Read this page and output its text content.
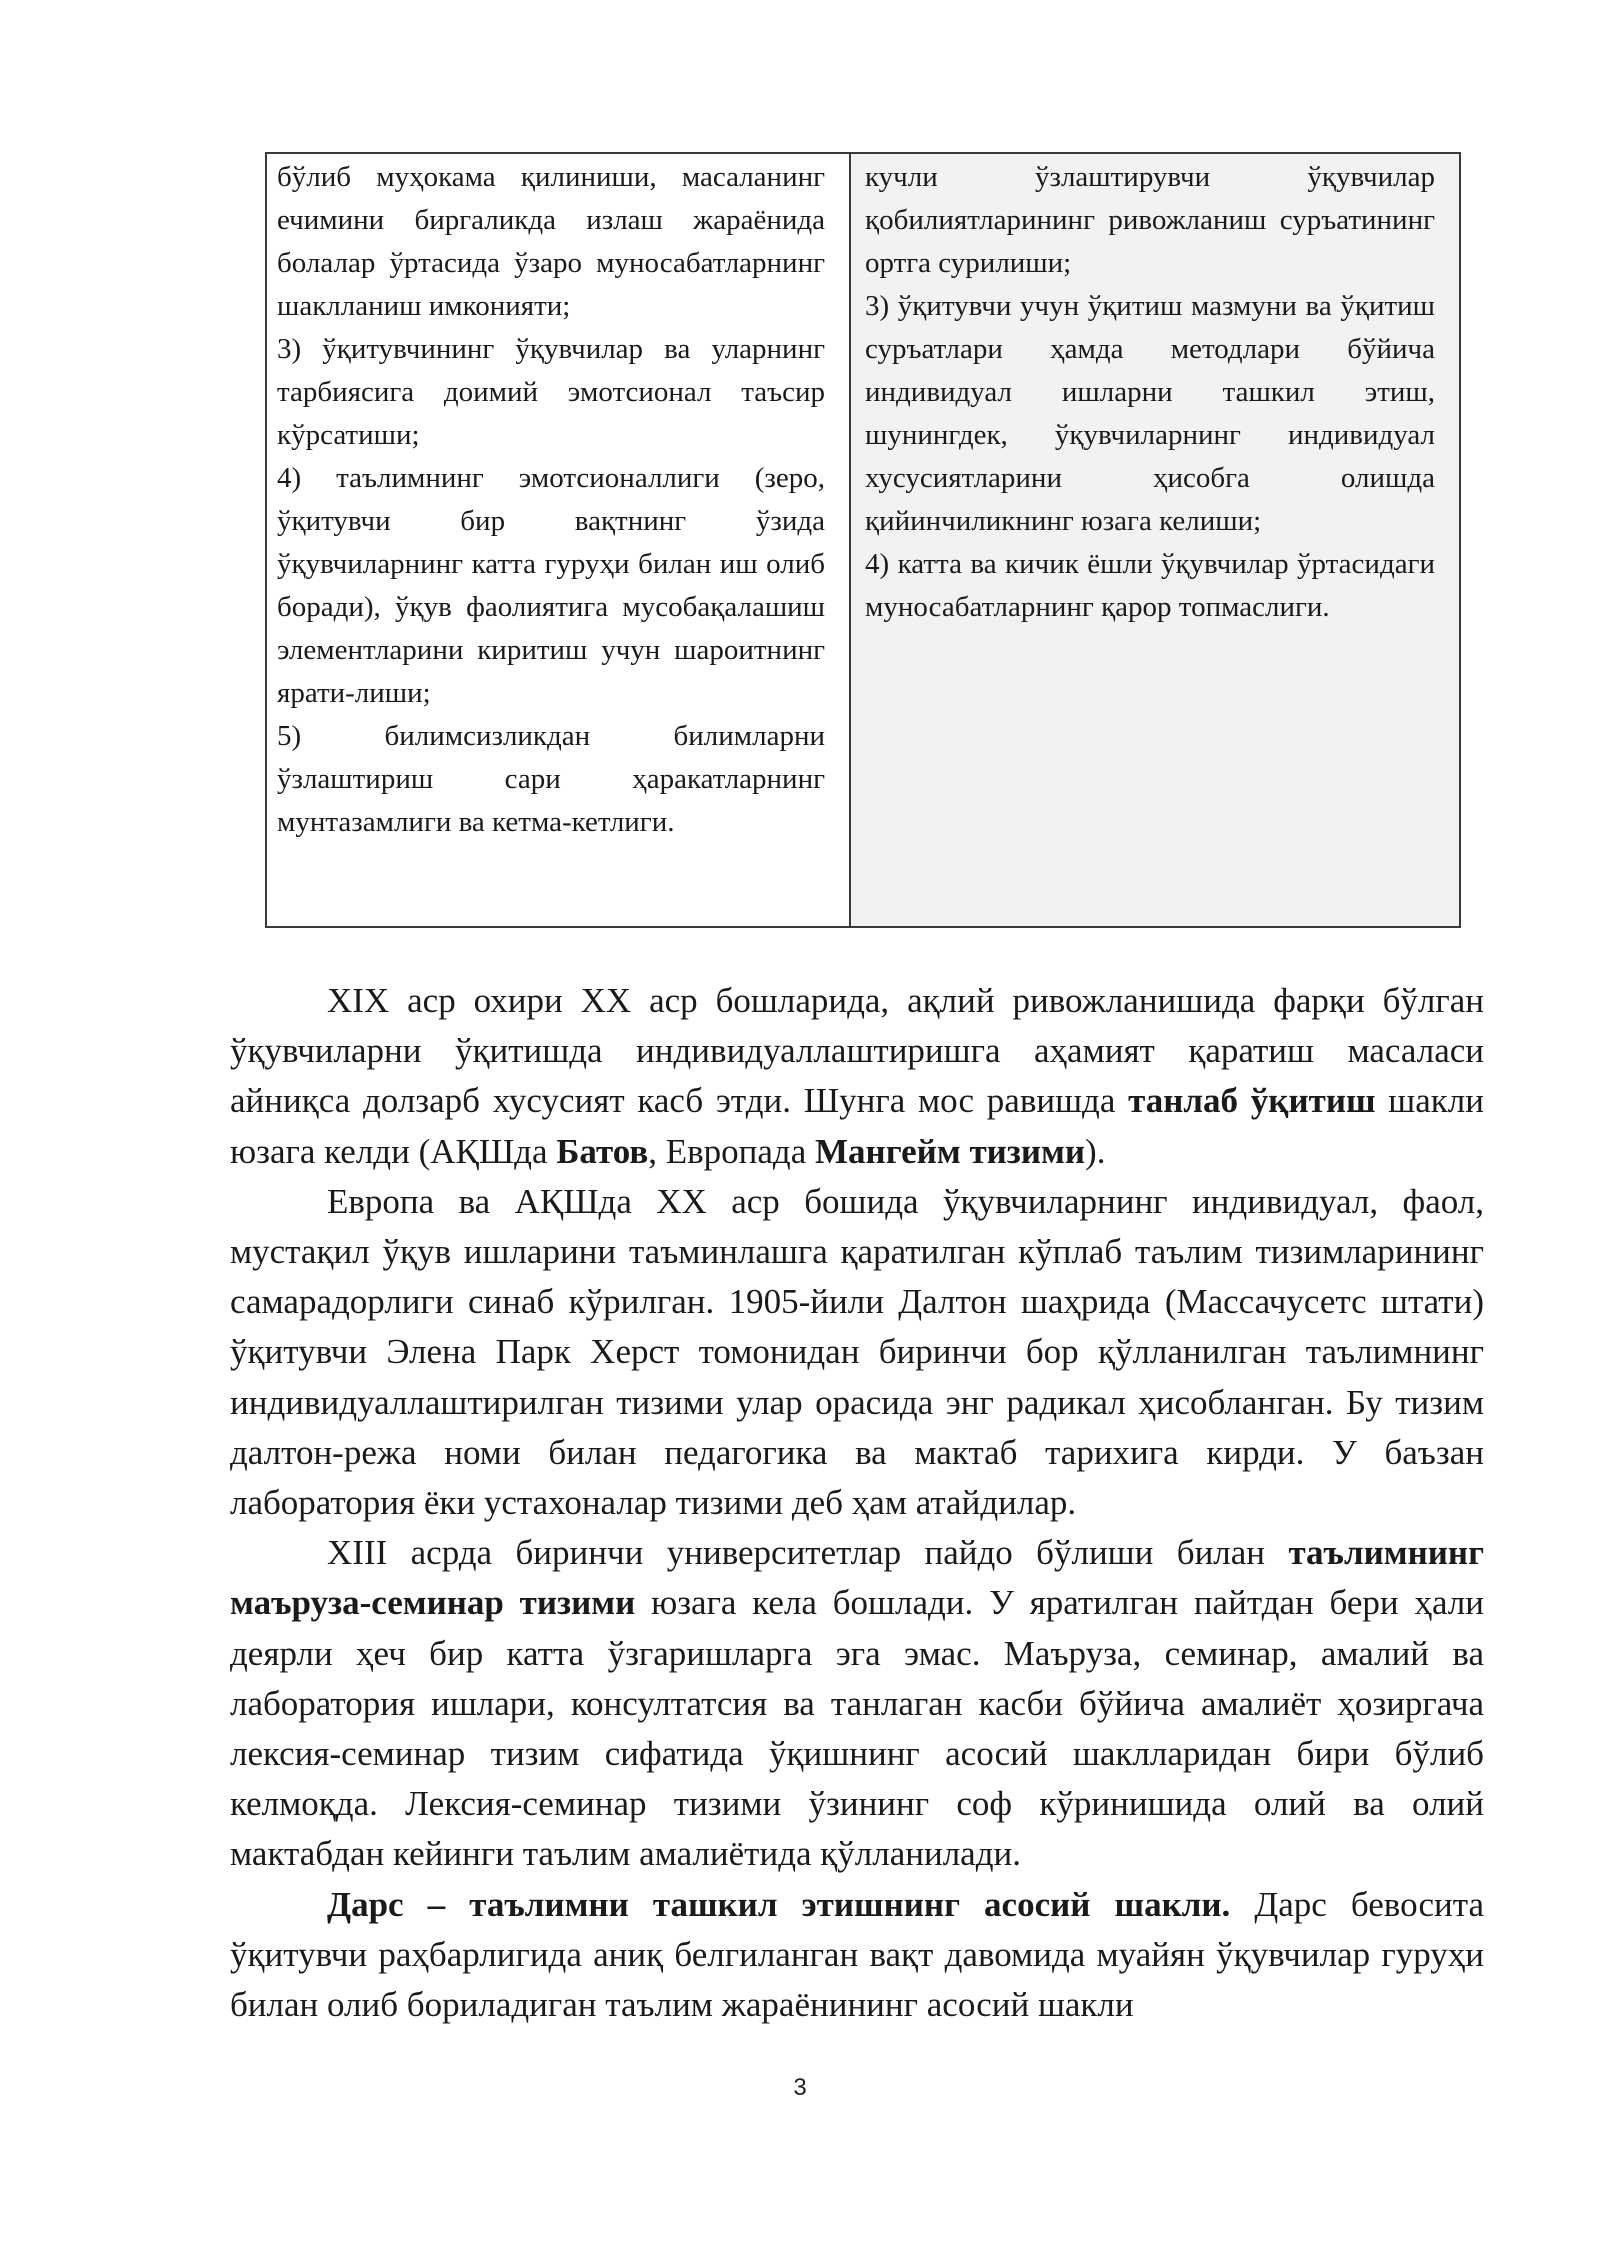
бўлиб муҳокама қилиниши, масаланинг ечимини биргаликда излаш жараёнида болалар ўртасида ўзаро муносабатларнинг шаклланиш имконияти;

3) ўқитувчининг ўқувчилар ва уларнинг тарбиясига доимий эмотсионал таъсир кўрсатиши;

4) таълимнинг эмотсионаллиги (зеро, ўқитувчи бир вақтнинг ўзида ўқувчиларнинг катта гуруҳи билан иш олиб боради), ўқув фаолиятига мусобақалашиш элементларини киритиш учун шароитнинг ярати-лиши;

5) билимсизликдан билимларни ўзлаштириш сари ҳаракатларнинг мунтазамлиги ва кетма-кетлиги.

кучли ўзлаштирувчи ўқувчилар қобилиятларининг ривожланиш суръатининг ортга сурилиши;

3) ўқитувчи учун ўқитиш мазмуни ва ўқитиш суръатлари ҳамда методлари бўйича индивидуал ишларни ташкил этиш, шунингдек, ўқувчиларнинг индивидуал хусусиятларини ҳисобга олишда қийинчиликнинг юзага келиши;

4) катта ва кичик ёшли ўқувчилар ўртасидаги муносабатларнинг қарор топмаслиги.

XIX аср охири XX аср бошларида, ақлий ривожланишида фарқи бўлган ўқувчиларни ўқитишда индивидуаллаштиришга аҳамият қаратиш масаласи айниқса долзарб хусусият касб этди. Шунга мос равишда танлаб ўқитиш шакли юзага келди (АҚШда Батов, Европада Мангейм тизими).

Европа ва АҚШда XX аср бошида ўқувчиларнинг индивидуал, фаол, мустақил ўқув ишларини таъминлашга қаратилган кўплаб таълим тизимларининг самарадорлиги синаб кўрилган. 1905-йили Далтон шаҳрида (Массачусетс штати) ўқитувчи Элена Парк Херст томонидан биринчи бор қўлланилган таълимнинг индивидуаллаштирилган тизими улар орасида энг радикал ҳисобланган. Бу тизим далтон-режа номи билан педагогика ва мактаб тарихига кирди. У баъзан лаборатория ёки устахоналар тизими деб ҳам атайдилар.

XIII асрда биринчи университетлар пайдо бўлиши билан таълимнинг маъруза-семинар тизими юзага кела бошлади. У яратилган пайтдан бери ҳали деярли ҳеч бир катта ўзгаришларга эга эмас. Маъруза, семинар, амалий ва лаборатория ишлари, консултатсия ва танлаган касби бўйича амалиёт ҳозиргача лексия-семинар тизим сифатида ўқишнинг асосий шаклларидан бири бўлиб келмоқда. Лексия-семинар тизими ўзининг соф кўринишида олий ва олий мактабдан кейинги таълим амалиётида қўлланилади.

Дарс – таълимни ташкил этишнинг асосий шакли. Дарс бевосита ўқитувчи раҳбарлигида аниқ белгиланган вақт давомида муайян ўқувчилар гуруҳи билан олиб бориладиган таълим жараёнининг асосий шакли

3
